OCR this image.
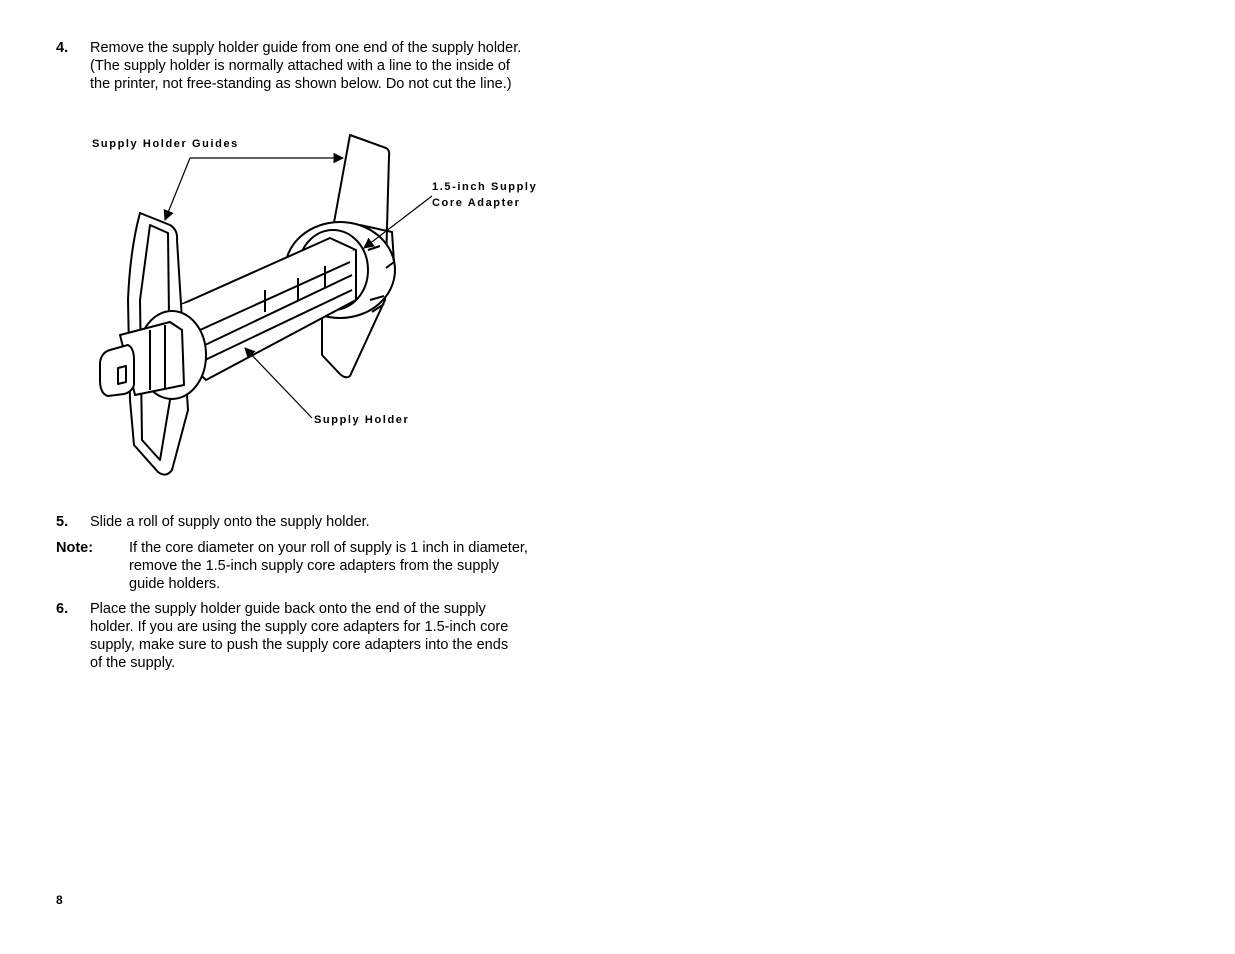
4. Remove the supply holder guide from one end of the supply holder. (The supply holder is normally attached with a line to the inside of the printer, not free-standing as shown below. Do not cut the line.)
Supply Holder Guides
1.5-inch Supply
Core Adapter
Supply Holder
5. Slide a roll of supply onto the supply holder.
Note: If the core diameter on your roll of supply is 1 inch in diameter, remove the 1.5-inch supply core adapters from the supply guide holders.
6. Place the supply holder guide back onto the end of the supply holder. If you are using the supply core adapters for 1.5-inch core supply, make sure to push the supply core adapters into the ends of the supply.
8
